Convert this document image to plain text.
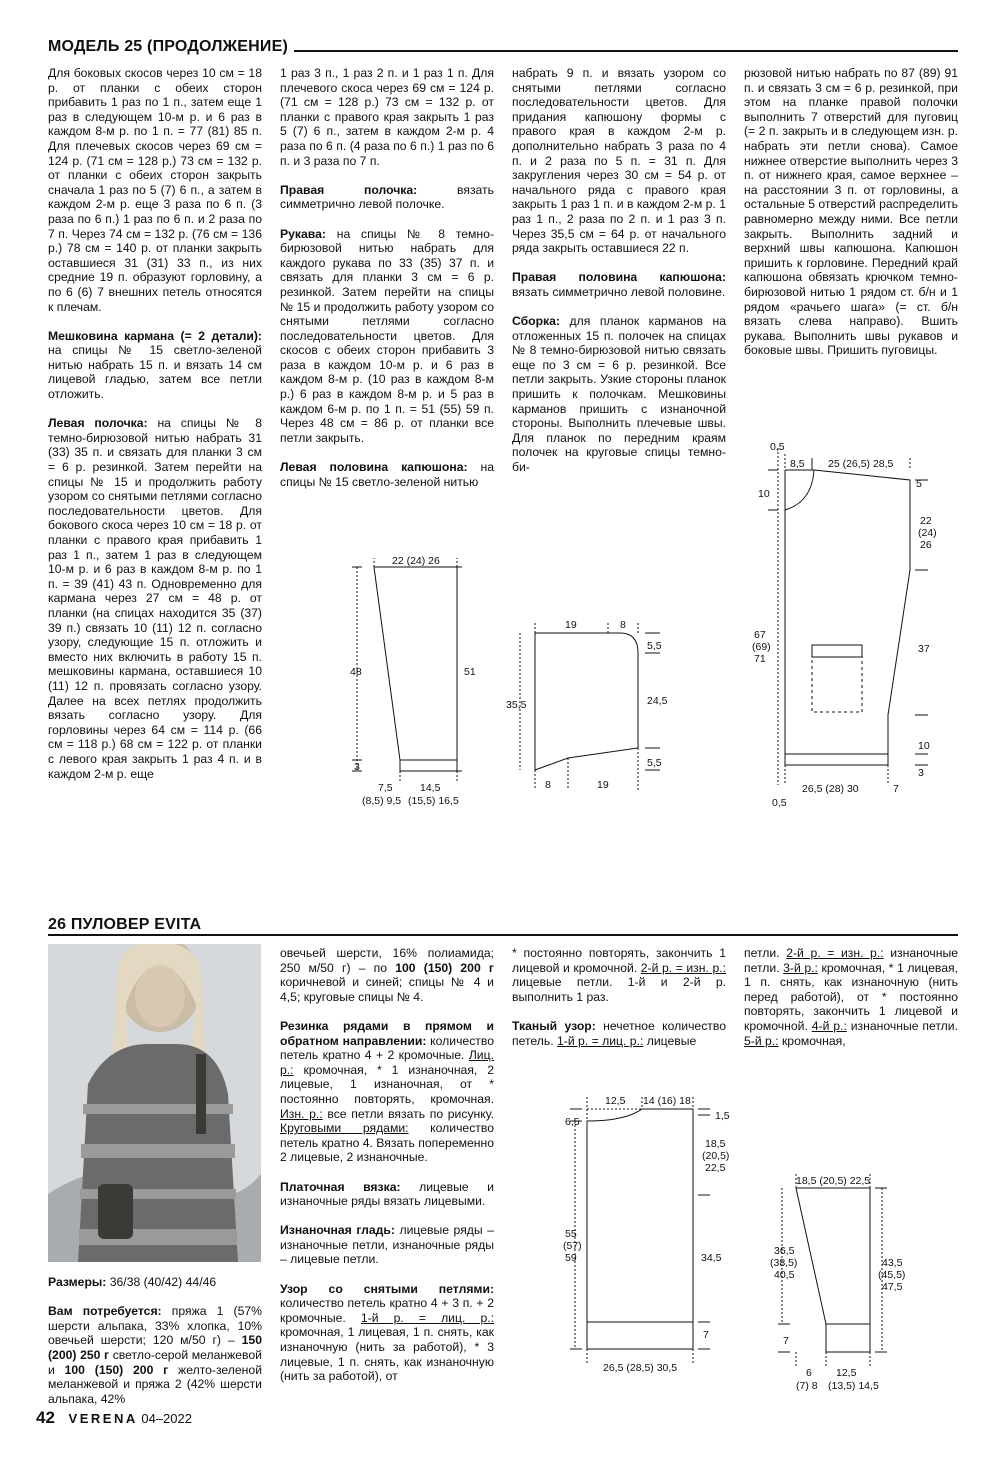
МОДЕЛЬ 25 (ПРОДОЛЖЕНИЕ)

Для боковых скосов через 10 см = 18 р. от планки с обеих сторон прибавить 1 раз по 1 п., затем еще 1 раз в следующем 10-м р. и 6 раз в каждом 8-м р. по 1 п. = 77 (81) 85 п. Для плечевых скосов через 69 см = 124 р. (71 см = 128 р.) 73 см = 132 р. от планки с обеих сторон закрыть сначала 1 раз по 5 (7) 6 п., а затем в каждом 2-м р. еще 3 раза по 6 п. (3 раза по 6 п.) 1 раз по 6 п. и 2 раза по 7 п. Через 74 см = 132 р. (76 см = 136 р.) 78 см = 140 р. от планки закрыть оставшиеся 31 (31) 33 п., из них средние 19 п. образуют горловину, а по 6 (6) 7 внешних петель относятся к плечам.

Мешковина кармана (= 2 детали): на спицы № 15 светло-зеленой нитью набрать 15 п. и вязать 14 см лицевой гладью, затем все петли отложить.

Левая полочка: на спицы № 8 темно-бирюзовой нитью набрать 31 (33) 35 п. и связать для планки 3 см = 6 р. резинкой. Затем перейти на спицы № 15 и продолжить работу узором со снятыми петлями согласно последовательности цветов. Для бокового скоса через 10 см = 18 р. от планки с правого края прибавить 1 раз 1 п., затем 1 раз в следующем 10-м р. и 6 раз в каждом 8-м р. по 1 п. = 39 (41) 43 п. Одновременно для кармана через 27 см = 48 р. от планки (на спицах находится 35 (37) 39 п.) связать 10 (11) 12 п. согласно узору, следующие 15 п. отложить и вместо них включить в работу 15 п. мешковины кармана, оставшиеся 10 (11) 12 п. провязать согласно узору. Далее на всех петлях продолжить вязать согласно узору. Для горловины через 64 см = 114 р. (66 см = 118 р.) 68 см = 122 р. от планки с левого края закрыть 1 раз 4 п. и в каждом 2-м р. еще

1 раз 3 п., 1 раз 2 п. и 1 раз 1 п. Для плечевого скоса через 69 см = 124 р. (71 см = 128 р.) 73 см = 132 р. от планки с правого края закрыть 1 раз 5 (7) 6 п., затем в каждом 2-м р. 4 раза по 6 п. (4 раза по 6 п.) 1 раз по 6 п. и 3 раза по 7 п.

Правая полочка: вязать симметрично левой полочке.

Рукава: на спицы № 8 темно-бирюзовой нитью набрать для каждого рукава по 33 (35) 37 п. и связать для планки 3 см = 6 р. резинкой. Затем перейти на спицы № 15 и продолжить работу узором со снятыми петлями согласно последовательности цветов. Для скосов с обеих сторон прибавить 3 раза в каждом 10-м р. и 6 раз в каждом 8-м р. (10 раз в каждом 8-м р.) 6 раз в каждом 8-м р. и 5 раз в каждом 6-м р. по 1 п. = 51 (55) 59 п. Через 48 см = 86 р. от планки все петли закрыть.

Левая половина капюшона: на спицы № 15 светло-зеленой нитью

набрать 9 п. и вязать узором со снятыми петлями согласно последовательности цветов. Для придания капюшону формы с правого края в каждом 2-м р. дополнительно набрать 3 раза по 4 п. и 2 раза по 5 п. = 31 п. Для закругления через 30 см = 54 р. от начального ряда с правого края закрыть 1 раз 1 п. и в каждом 2-м р. 1 раз 1 п., 2 раза по 2 п. и 1 раз 3 п. Через 35,5 см = 64 р. от начального ряда закрыть оставшиеся 22 п.

Правая половина капюшона: вязать симметрично левой половине.

Сборка: для планок карманов на отложенных 15 п. полочек на спицах № 8 темно-бирюзовой нитью связать еще по 3 см = 6 р. резинкой. Все петли закрыть. Узкие стороны планок пришить к полочкам. Мешковины карманов пришить с изнаночной стороны. Выполнить плечевые швы. Для планок по передним краям полочек на круговые спицы темно-би-

рюзовой нитью набрать по 87 (89) 91 п. и связать 3 см = 6 р. резинкой, при этом на планке правой полочки выполнить 7 отверстий для пуговиц (= 2 п. закрыть и в следующем изн. р. набрать эти петли снова). Самое нижнее отверстие выполнить через 3 п. от нижнего края, самое верхнее – на расстоянии 3 п. от горловины, а остальные 5 отверстий распределить равномерно между ними. Все петли закрыть. Выполнить задний и верхний швы капюшона. Капюшон пришить к горловине. Передний край капюшона обвязать крючком темно-бирюзовой нитью 1 рядом ст. б/н и 1 рядом «рачьего шага» (= ст. б/н вязать слева направо). Вшить рукава. Выполнить швы рукавов и боковые швы. Пришить пуговицы.

22 (24) 26
48	51
3
7,5
(8,5) 9,5
14,5
(15,5) 16,5
19	8
5,5
35,5	24,5
5,5
8	19
0,5
8,5 25 (26,5) 28,5
5
10
22
(24)
26
67
(69)
71
37
10
3
0,5
26,5 (28) 30	7
26 ПУЛОВЕР EVITA

Размеры: 36/38 (40/42) 44/46

Вам потребуется: пряжа 1 (57% шерсти альпака, 33% хлопка, 10% овечьей шерсти; 120 м/50 г) – 150 (200) 250 г светло-серой меланжевой и 100 (150) 200 г желто-зеленой меланжевой и пряжа 2 (42% шерсти альпака, 42%

овечьей шерсти, 16% полиамида; 250 м/50 г) – по 100 (150) 200 г коричневой и синей; спицы № 4 и 4,5; круговые спицы № 4.

Резинка рядами в прямом и обратном направлении: количество петель кратно 4 + 2 кромочные. Лиц. р.: кромочная, * 1 изнаночная, 2 лицевые, 1 изнаночная, от * постоянно повторять, кромочная. Изн. р.: все петли вязать по рисунку. Круговыми рядами: количество петель кратно 4. Вязать попеременно 2 лицевые, 2 изнаночные.

Платочная вязка: лицевые и изнаночные ряды вязать лицевыми.

Изнаночная гладь: лицевые ряды – изнаночные петли, изнаночные ряды – лицевые петли.

Узор со снятыми петлями: количество петель кратно 4 + 3 п. + 2 кромочные. 1-й р. = лиц. р.: кромочная, 1 лицевая, 1 п. снять, как изнаночную (нить за работой), * 3 лицевые, 1 п. снять, как изнаночную (нить за работой), от

* постоянно повторять, закончить 1 лицевой и кромочной. 2-й р. = изн. р.: лицевые петли. 1-й и 2-й р. выполнить 1 раз.

Тканый узор: нечетное количество петель. 1-й р. = лиц. р.: лицевые

петли. 2-й р. = изн. р.: изнаночные петли. 3-й р.: кромочная, * 1 лицевая, 1 п. снять, как изнаночную (нить перед работой), от * постоянно повторять, закончить 1 лицевой и кромочной. 4-й р.: изнаночные петли. 5-й р.: кромочная,

12,5 14 (16) 18
1,5
6,5
18,5
(20,5)
22,5
55
(57)
59	34,5
7
26,5 (28,5) 30,5
18,5 (20,5) 22,5
36,5
(38,5)
40,5
43,5
(45,5)
47,5
7
6
(7) 8
12,5
(13,5) 14,5
42 VERENA 04–2022
